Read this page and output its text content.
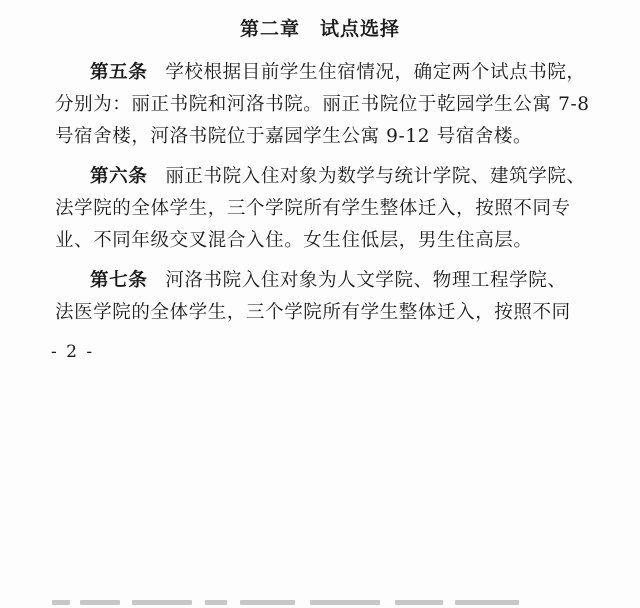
第二章　试点选择
第五条 学校根据目前学生住宿情况，确定两个试点书院，
分别为：丽正书院和河洛书院。丽正书院位于乾园学生公寓 7-8
号宿舍楼，河洛书院位于嘉园学生公寓 9-12 号宿舍楼。
第六条 丽正书院入住对象为数学与统计学院、建筑学院、
法学院的全体学生，三个学院所有学生整体迁入，按照不同专
业、不同年级交叉混合入住。女生住低层，男生住高层。
第七条 河洛书院入住对象为人文学院、物理工程学院、
法医学院的全体学生，三个学院所有学生整体迁入，按照不同
- 2 -
